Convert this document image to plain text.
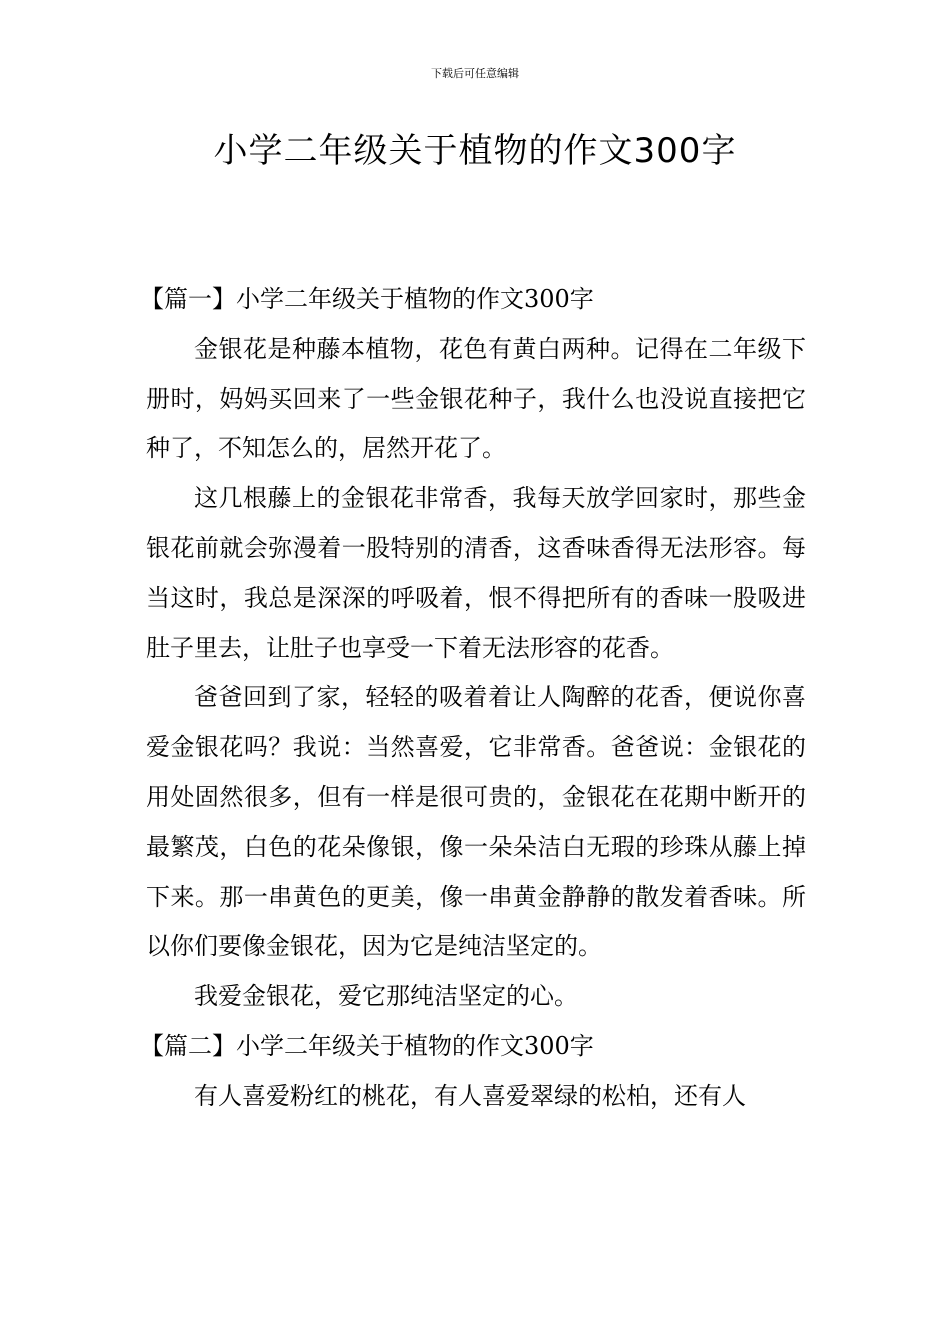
下载后可任意编辑
小学二年级关于植物的作文300字

【篇一】小学二年级关于植物的作文300字

金银花是种藤本植物，花色有黄白两种。记得在二年级下册时，妈妈买回来了一些金银花种子，我什么也没说直接把它种了，不知怎么的，居然开花了。

这几根藤上的金银花非常香，我每天放学回家时，那些金银花前就会弥漫着一股特别的清香，这香味香得无法形容。每当这时，我总是深深的呼吸着，恨不得把所有的香味一股吸进肚子里去，让肚子也享受一下着无法形容的花香。

爸爸回到了家，轻轻的吸着着让人陶醉的花香，便说你喜爱金银花吗？我说：当然喜爱，它非常香。爸爸说：金银花的用处固然很多，但有一样是很可贵的，金银花在花期中断开的最繁茂，白色的花朵像银，像一朵朵洁白无瑕的珍珠从藤上掉下来。那一串黄色的更美，像一串黄金静静的散发着香味。所以你们要像金银花，因为它是纯洁坚定的。

我爱金银花，爱它那纯洁坚定的心。

【篇二】小学二年级关于植物的作文300字

有人喜爱粉红的桃花，有人喜爱翠绿的松柏，还有人
